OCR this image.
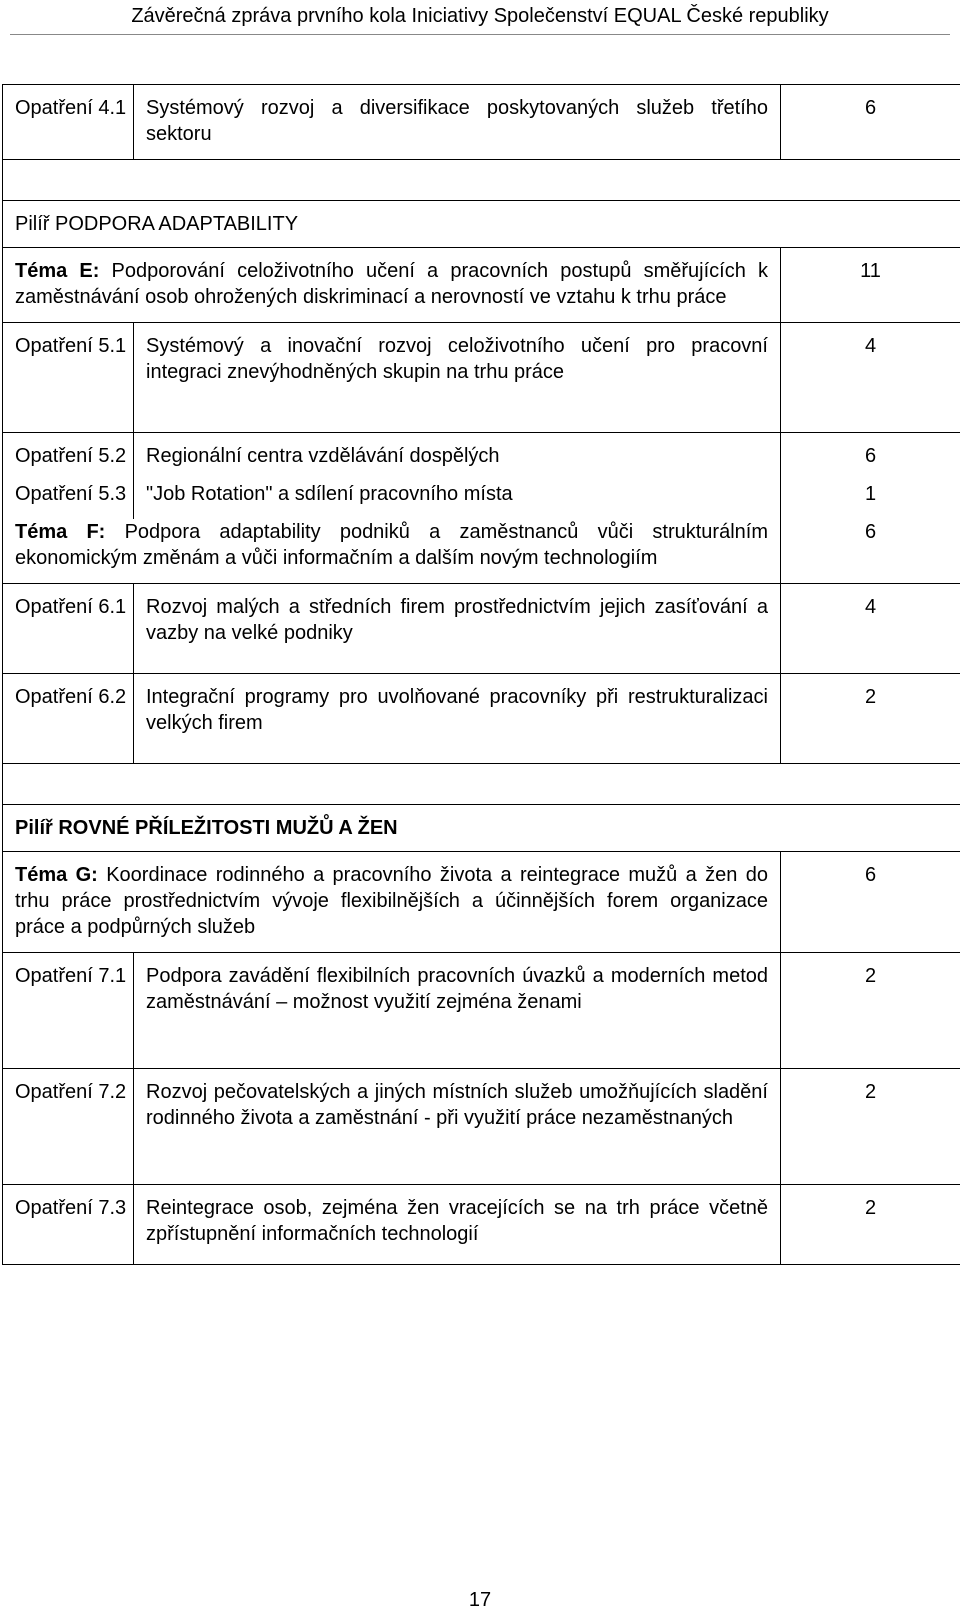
Závěrečná zpráva prvního kola Iniciativy Společenství EQUAL České republiky
Opatření 4.1	Systémový rozvoj a diversifikace poskytovaných služeb třetího sektoru	6

Pilíř PODPORA ADAPTABILITY		
Téma E: Podporování celoživotního učení a pracovních postupů směřujících k zaměstnávání osob ohrožených diskriminací a nerovností ve vztahu k trhu práce		11
Opatření 5.1	Systémový a inovační rozvoj celoživotního učení pro pracovní integraci znevýhodněných skupin na trhu práce	4
Opatření 5.2	Regionální centra vzdělávání dospělých	6
Opatření 5.3	"Job Rotation" a sdílení pracovního místa	1
Téma F: Podpora adaptability podniků a zaměstnanců vůči strukturálním ekonomickým změnám a vůči informačním a dalším novým technologiím		6
Opatření 6.1	Rozvoj malých a středních firem prostřednictvím jejich zasíťování a vazby na velké podniky	4
Opatření 6.2	Integrační programy pro uvolňované pracovníky při restrukturalizaci velkých firem	2

Pilíř ROVNÉ PŘÍLEŽITOSTI MUŽŮ A ŽEN		
Téma G: Koordinace rodinného a pracovního života a reintegrace mužů a žen do trhu práce prostřednictvím vývoje flexibilnějších a účinnějších forem organizace práce a podpůrných služeb		6
Opatření 7.1	Podpora zavádění flexibilních pracovních úvazků a moderních metod zaměstnávání – možnost využití zejména ženami	2
Opatření 7.2	Rozvoj pečovatelských a jiných místních služeb umožňujících sladění rodinného života a zaměstnání - při využití práce nezaměstnaných	2
Opatření 7.3	Reintegrace osob, zejména žen vracejících se na trh práce včetně zpřístupnění informačních technologií	2
17
